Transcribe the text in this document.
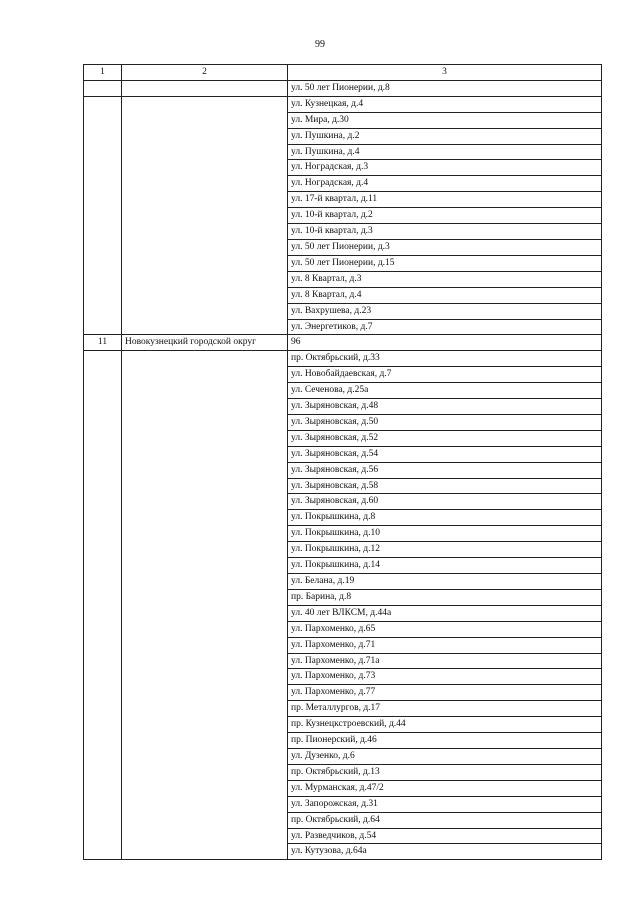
99
1	2	3
		ул. 50 лет Пионерии, д.8
		ул. Кузнецкая, д.4
		ул. Мира, д.30
		ул. Пушкина, д.2
		ул. Пушкина, д.4
		ул. Ноградская, д.3
		ул. Ноградская, д.4
		ул. 17-й квартал, д.11
		ул. 10-й квартал, д.2
		ул. 10-й квартал, д.3
		ул. 50 лет Пионерии, д.3
		ул. 50 лет Пионерии, д.15
		ул. 8 Квартал, д.3
		ул. 8 Квартал, д.4
		ул. Вахрушева, д.23
		ул. Энергетиков, д.7
11	Новокузнецкий городской округ	96
		пр. Октябрьский, д.33
		ул. Новобайдаевская, д.7
		ул. Сеченова, д.25а
		ул. Зыряновская, д.48
		ул. Зыряновская, д.50
		ул. Зыряновская, д.52
		ул. Зыряновская, д.54
		ул. Зыряновская, д.56
		ул. Зыряновская, д.58
		ул. Зыряновская, д.60
		ул. Покрышкина, д.8
		ул. Покрышкина, д.10
		ул. Покрышкина, д.12
		ул. Покрышкина, д.14
		ул. Белана, д.19
		пр. Барина, д.8
		ул. 40 лет ВЛКСМ, д.44а
		ул. Пархоменко, д.65
		ул. Пархоменко, д.71
		ул. Пархоменко, д.71а
		ул. Пархоменко, д.73
		ул. Пархоменко, д.77
		пр. Металлургов, д.17
		пр. Кузнецкстроевский, д.44
		пр. Пионерский, д.46
		ул. Дузенко, д.6
		пр. Октябрьский, д.13
		ул. Мурманская, д.47/2
		ул. Запорожская, д.31
		пр. Октябрьский, д.64
		ул. Разведчиков, д.54
		ул. Кутузова, д.64а
